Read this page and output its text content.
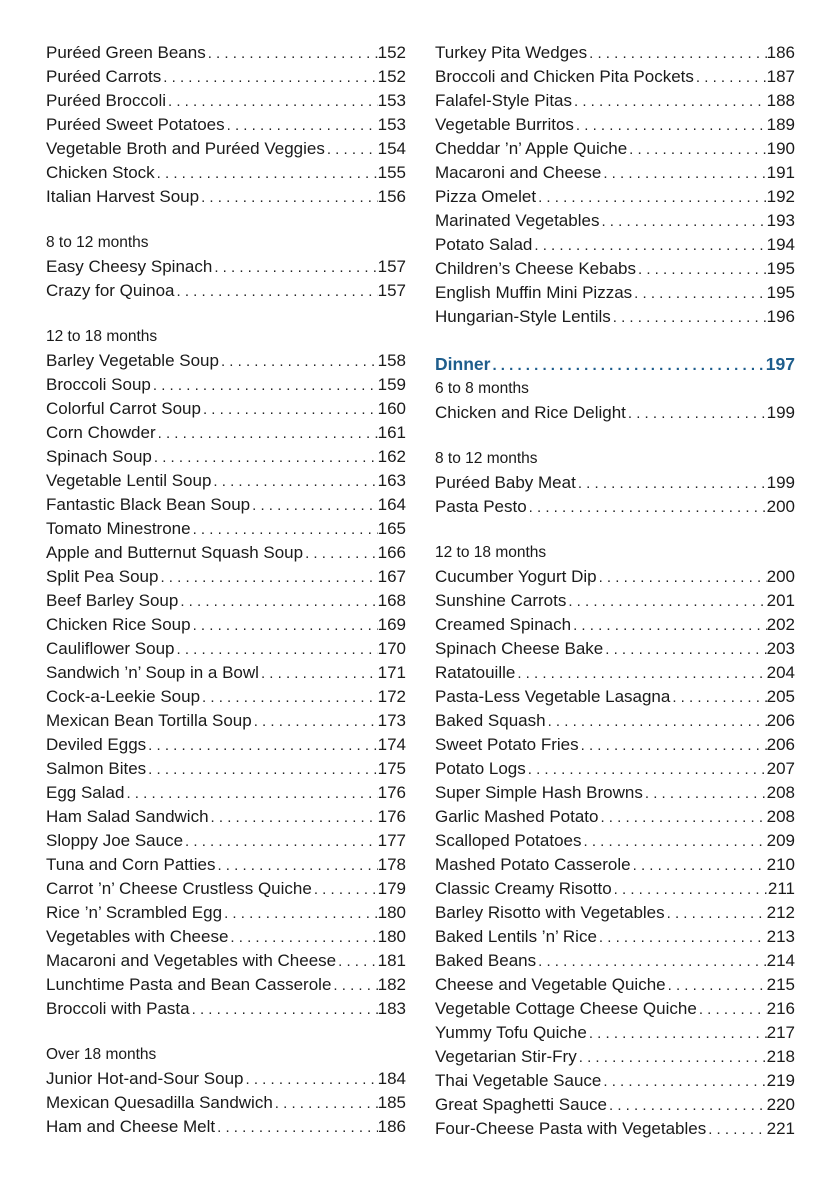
Puréed Green Beans . . .	152
Puréed Carrots . . .	152
Puréed Broccoli . . .	153
Puréed Sweet Potatoes . . .	153
Vegetable Broth and Puréed Veggies . . .	154
Chicken Stock . . .	155
Italian Harvest Soup . . .	156
8 to 12 months
Easy Cheesy Spinach . . .	157
Crazy for Quinoa . . .	157
12 to 18 months
Barley Vegetable Soup . . .	158
Broccoli Soup . . .	159
Colorful Carrot Soup . . .	160
Corn Chowder . . .	161
Spinach Soup . . .	162
Vegetable Lentil Soup . . .	163
Fantastic Black Bean Soup . . .	164
Tomato Minestrone . . .	165
Apple and Butternut Squash Soup . . .	166
Split Pea Soup . . .	167
Beef Barley Soup . . .	168
Chicken Rice Soup . . .	169
Cauliflower Soup . . .	170
Sandwich ’n’ Soup in a Bowl . . .	171
Cock-a-Leekie Soup . . .	172
Mexican Bean Tortilla Soup . . .	173
Deviled Eggs . . .	174
Salmon Bites . . .	175
Egg Salad . . .	176
Ham Salad Sandwich . . .	176
Sloppy Joe Sauce . . .	177
Tuna and Corn Patties . . .	178
Carrot ’n’ Cheese Crustless Quiche . . .	179
Rice ’n’ Scrambled Egg . . .	180
Vegetables with Cheese . . .	180
Macaroni and Vegetables with Cheese . . . 181
Lunchtime Pasta and Bean Casserole . . .	182
Broccoli with Pasta . . .	183
Over 18 months
Junior Hot-and-Sour Soup . . .	184
Mexican Quesadilla Sandwich . . .	185
Ham and Cheese Melt . . .	186
Turkey Pita Wedges . . .	186
Broccoli and Chicken Pita Pockets . . .	187
Falafel-Style Pitas . . .	188
Vegetable Burritos . . .	189
Cheddar ’n’ Apple Quiche . . .	190
Macaroni and Cheese . . .	191
Pizza Omelet . . .	192
Marinated Vegetables . . .	193
Potato Salad . . .	194
Children’s Cheese Kebabs . . .	195
English Muffin Mini Pizzas . . .	195
Hungarian-Style Lentils . . .	196
Dinner . . .	197
6 to 8 months
Chicken and Rice Delight . . .	199
8 to 12 months
Puréed Baby Meat . . .	199
Pasta Pesto . . .	200
12 to 18 months
Cucumber Yogurt Dip . . .	200
Sunshine Carrots . . .	201
Creamed Spinach . . .	202
Spinach Cheese Bake . . .	203
Ratatouille . . .	204
Pasta-Less Vegetable Lasagna . . .	205
Baked Squash . . .	206
Sweet Potato Fries . . .	206
Potato Logs . . .	207
Super Simple Hash Browns . . .	208
Garlic Mashed Potato . . .	208
Scalloped Potatoes . . .	209
Mashed Potato Casserole . . .	210
Classic Creamy Risotto . . .	211
Barley Risotto with Vegetables . . .	212
Baked Lentils ’n’ Rice . . .	213
Baked Beans . . .	214
Cheese and Vegetable Quiche . . .	215
Vegetable Cottage Cheese Quiche . . .	216
Yummy Tofu Quiche . . .	217
Vegetarian Stir-Fry . . .	218
Thai Vegetable Sauce . . .	219
Great Spaghetti Sauce . . .	220
Four-Cheese Pasta with Vegetables . . .	221
